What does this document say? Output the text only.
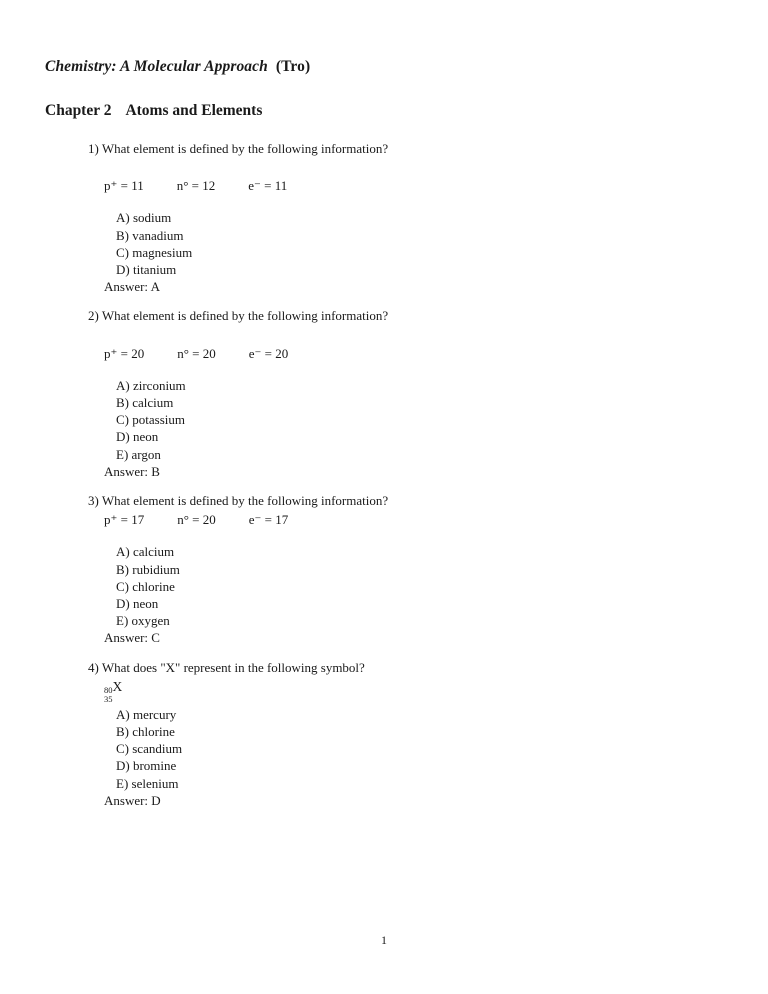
Chemistry: A Molecular Approach (Tro)
Chapter 2 Atoms and Elements

1) What element is defined by the following information?

p⁺ = 11	n° = 12	e⁻ = 11

A) sodium
B) vanadium
C) magnesium
D) titanium

Answer: A

2) What element is defined by the following information?

p⁺ = 20	n° = 20	e⁻ = 20

A) zirconium
B) calcium
C) potassium
D) neon
E) argon

Answer: B

3) What element is defined by the following information?

p⁺ = 17	n° = 20	e⁻ = 17

A) calcium
B) rubidium
C) chlorine
D) neon
E) oxygen

Answer: C

4) What does "X" represent in the following symbol?

80
35
X

A) mercury
B) chlorine
C) scandium
D) bromine
E) selenium

Answer: D

1
